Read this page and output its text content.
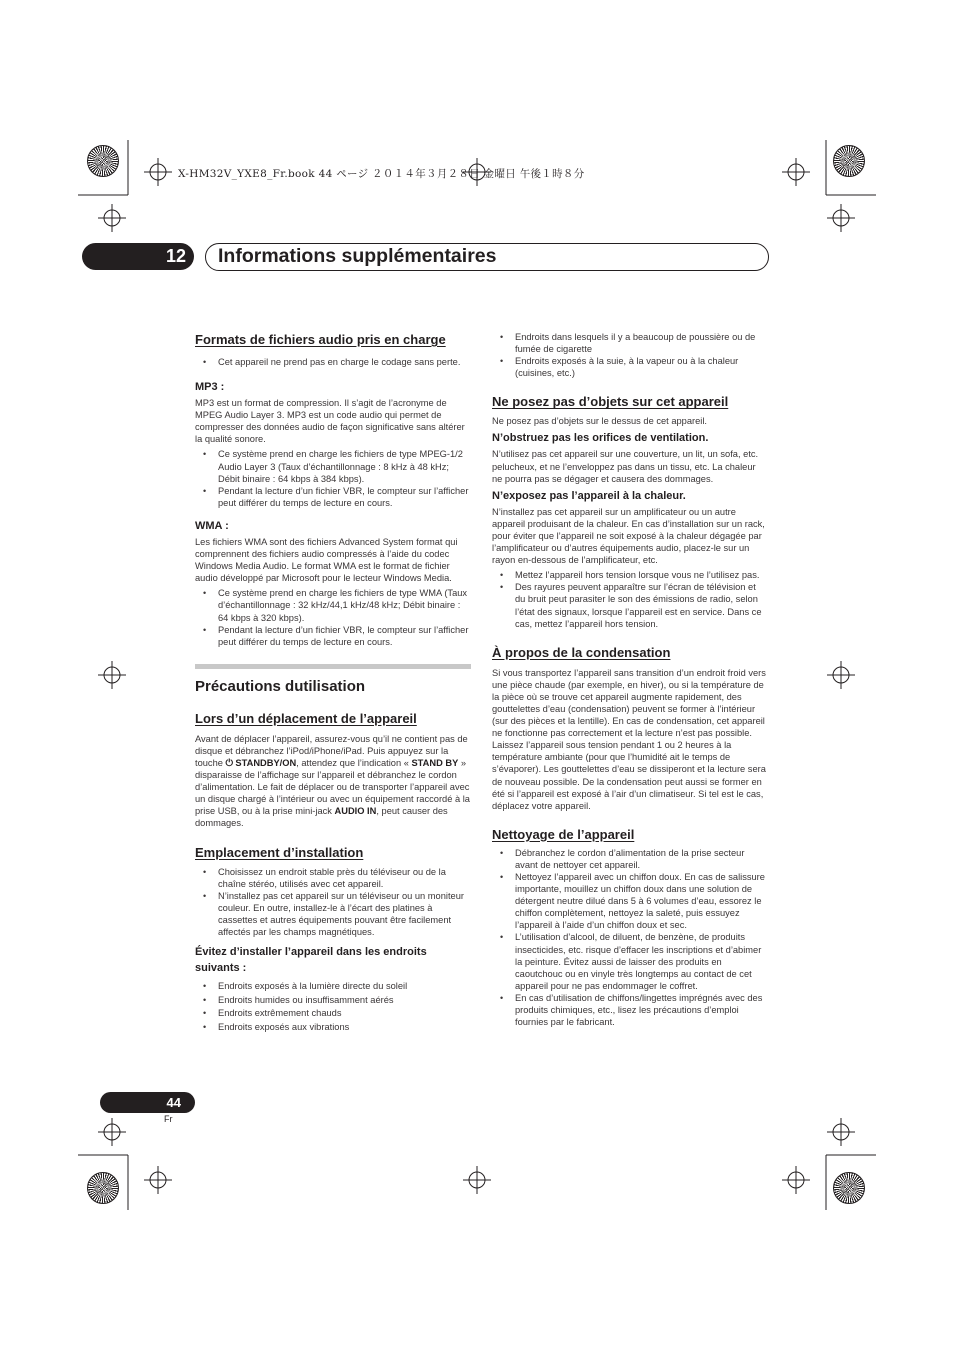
X-HM32V_YXE8_Fr.book 44 ページ ２０１４年３月２８日 金曜日 午後１時８分
12 Informations supplémentaires
Formats de fichiers audio pris en charge
• Cet appareil ne prend pas en charge le codage sans perte.
MP3 :

MP3 est un format de compression. Il s’agit de l’acronyme de MPEG Audio Layer 3. MP3 est un code audio qui permet de compresser des données audio de façon significative sans altérer la qualité sonore.

• Ce système prend en charge les fichiers de type MPEG-1/2 Audio Layer 3 (Taux d’échantillonnage : 8 kHz à 48 kHz; Débit binaire : 64 kbps à 384 kbps).
• Pendant la lecture d’un fichier VBR, le compteur sur l’afficher peut différer du temps de lecture en cours.
WMA :

Les fichiers WMA sont des fichiers Advanced System format qui comprennent des fichiers audio compressés à l’aide du codec Windows Media Audio. Le format WMA est le format de fichier audio développé par Microsoft pour le lecteur Windows Media.

• Ce système prend en charge les fichiers de type WMA (Taux d’échantillonnage : 32 kHz/44,1 kHz/48 kHz; Débit binaire : 64 kbps à 320 kbps).
• Pendant la lecture d’un fichier VBR, le compteur sur l’afficher peut différer du temps de lecture en cours.
Précautions dutilisation
Lors d’un déplacement de l’appareil

Avant de déplacer l’appareil, assurez-vous qu’il ne contient pas de disque et débranchez l’iPod/iPhone/iPad. Puis appuyez sur la touche ⏻ STANDBY/ON, attendez que l’indication « STAND BY » disparaisse de l’affichage sur l’appareil et débranchez le cordon d’alimentation. Le fait de déplacer ou de transporter l’appareil avec un disque chargé à l’intérieur ou avec un équipement raccordé à la prise USB, ou à la prise mini-jack AUDIO IN, peut causer des dommages.

Emplacement d’installation
• Choisissez un endroit stable près du téléviseur ou de la chaîne stéréo, utilisés avec cet appareil.
• N’installez pas cet appareil sur un téléviseur ou un moniteur couleur. En outre, installez-le à l’écart des platines à cassettes et autres équipements pouvant être facilement affectés par les champs magnétiques.
Évitez d’installer l’appareil dans les endroits suivants :
• Endroits exposés à la lumière directe du soleil
• Endroits humides ou insuffisamment aérés
• Endroits extrêmement chauds
• Endroits exposés aux vibrations
• Endroits dans lesquels il y a beaucoup de poussière ou de fumée de cigarette
• Endroits exposés à la suie, à la vapeur ou à la chaleur (cuisines, etc.)
Ne posez pas d’objets sur cet appareil

Ne posez pas d’objets sur le dessus de cet appareil.

N’obstruez pas les orifices de ventilation.

N’utilisez pas cet appareil sur une couverture, un lit, un sofa, etc. pelucheux, et ne l’enveloppez pas dans un tissu, etc. La chaleur ne pourra pas se dégager et causera des dommages.

N’exposez pas l’appareil à la chaleur.

N’installez pas cet appareil sur un amplificateur ou un autre appareil produisant de la chaleur. En cas d’installation sur un rack, pour éviter que l’appareil ne soit exposé à la chaleur dégagée par l’amplificateur ou d’autres équipements audio, placez-le sur un rayon en-dessous de l’amplificateur, etc.

• Mettez l’appareil hors tension lorsque vous ne l’utilisez pas.
• Des rayures peuvent apparaître sur l’écran de télévision et du bruit peut parasiter le son des émissions de radio, selon l’état des signaux, lorsque l’appareil est en service. Dans ce cas, mettez l’appareil hors tension.
À propos de la condensation

Si vous transportez l’appareil sans transition d’un endroit froid vers une pièce chaude (par exemple, en hiver), ou si la température de la pièce où se trouve cet appareil augmente rapidement, des gouttelettes d’eau (condensation) peuvent se former à l’intérieur (sur des pièces et la lentille). En cas de condensation, cet appareil ne fonctionne pas correctement et la lecture n’est pas possible. Laissez l’appareil sous tension pendant 1 ou 2 heures à la température ambiante (pour que l’humidité ait le temps de s’évaporer). Les gouttelettes d’eau se dissiperont et la lecture sera de nouveau possible. De la condensation peut aussi se former en été si l’appareil est exposé à l’air d’un climatiseur. Si tel est le cas, déplacez votre appareil.

Nettoyage de l’appareil
• Débranchez le cordon d’alimentation de la prise secteur avant de nettoyer cet appareil.
• Nettoyez l’appareil avec un chiffon doux. En cas de salissure importante, mouillez un chiffon doux dans une solution de détergent neutre dilué dans 5 à 6 volumes d’eau, essorez le chiffon complètement, nettoyez la saleté, puis essuyez l’appareil à l’aide d’un chiffon doux et sec.
• L’utilisation d’alcool, de diluent, de benzène, de produits insecticides, etc. risque d’effacer les inscriptions et d’abimer la peinture. Évitez aussi de laisser des produits en caoutchouc ou en vinyle très longtemps au contact de cet appareil pour ne pas endommager le coffret.
• En cas d’utilisation de chiffons/lingettes imprégnés avec des produits chimiques, etc., lisez les précautions d’emploi fournies par le fabricant.
44
Fr
